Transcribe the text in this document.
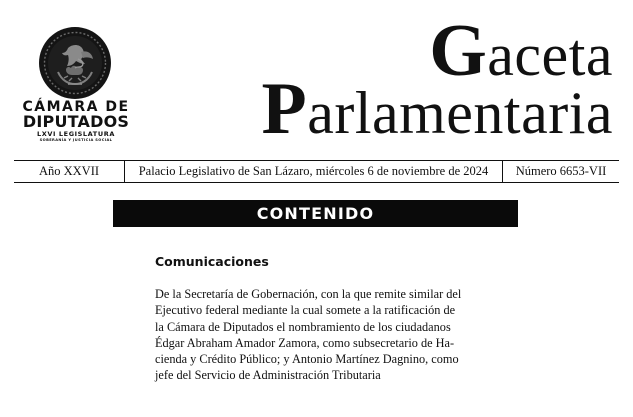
CÁMARA DE
DIPUTADOS
LXVI LEGISLATURA
SOBERANÍA Y JUSTICIA SOCIAL
Gaceta
Parlamentaria
Año XXVII	Palacio Legislativo de San Lázaro, miércoles 6 de noviembre de 2024	Número 6653-VII
CONTENIDO
Comunicaciones
De la Secretaría de Gobernación, con la que remite similar del
Ejecutivo federal mediante la cual somete a la ratificación de
la Cámara de Diputados el nombramiento de los ciudadanos
Édgar Abraham Amador Zamora, como subsecretario de Ha-
cienda y Crédito Público; y Antonio Martínez Dagnino, como
jefe del Servicio de Administración Tributaria
